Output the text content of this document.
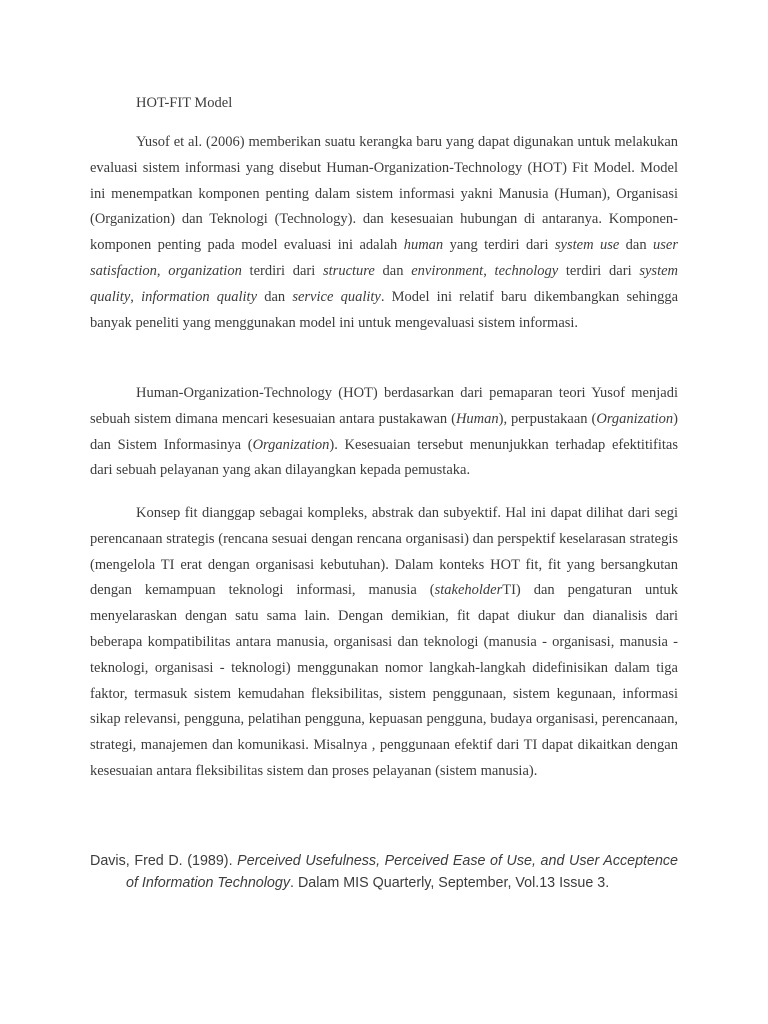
HOT-FIT Model

Yusof et al. (2006) memberikan suatu kerangka baru yang dapat digunakan untuk melakukan evaluasi sistem informasi yang disebut Human-Organization-Technology (HOT) Fit Model. Model ini menempatkan komponen penting dalam sistem informasi yakni Manusia (Human), Organisasi (Organization) dan Teknologi (Technology). dan kesesuaian hubungan di antaranya. Komponen-komponen penting pada model evaluasi ini adalah human yang terdiri dari system use dan user satisfaction, organization terdiri dari structure dan environment, technology terdiri dari system quality, information quality dan service quality. Model ini relatif baru dikembangkan sehingga banyak peneliti yang menggunakan model ini untuk mengevaluasi sistem informasi.

Human-Organization-Technology (HOT) berdasarkan dari pemaparan teori Yusof menjadi sebuah sistem dimana mencari kesesuaian antara pustakawan (Human), perpustakaan (Organization) dan Sistem Informasinya (Organization). Kesesuaian tersebut menunjukkan terhadap efektitifitas dari sebuah pelayanan yang akan dilayangkan kepada pemustaka.

Konsep fit dianggap sebagai kompleks, abstrak dan subyektif. Hal ini dapat dilihat dari segi perencanaan strategis (rencana sesuai dengan rencana organisasi) dan perspektif keselarasan strategis (mengelola TI erat dengan organisasi kebutuhan). Dalam konteks HOT fit, fit yang bersangkutan dengan kemampuan teknologi informasi, manusia (stakeholderTI) dan pengaturan untuk menyelaraskan dengan satu sama lain. Dengan demikian, fit dapat diukur dan dianalisis dari beberapa kompatibilitas antara manusia, organisasi dan teknologi (manusia - organisasi, manusia - teknologi, organisasi - teknologi) menggunakan nomor langkah-langkah didefinisikan dalam tiga faktor, termasuk sistem kemudahan fleksibilitas, sistem penggunaan, sistem kegunaan, informasi sikap relevansi, pengguna, pelatihan pengguna, kepuasan pengguna, budaya organisasi, perencanaan, strategi, manajemen dan komunikasi. Misalnya , penggunaan efektif dari TI dapat dikaitkan dengan kesesuaian antara fleksibilitas sistem dan proses pelayanan (sistem manusia).

Davis, Fred D. (1989). Perceived Usefulness, Perceived Ease of Use, and User Acceptence of Information Technology. Dalam MIS Quarterly, September, Vol.13 Issue 3.
